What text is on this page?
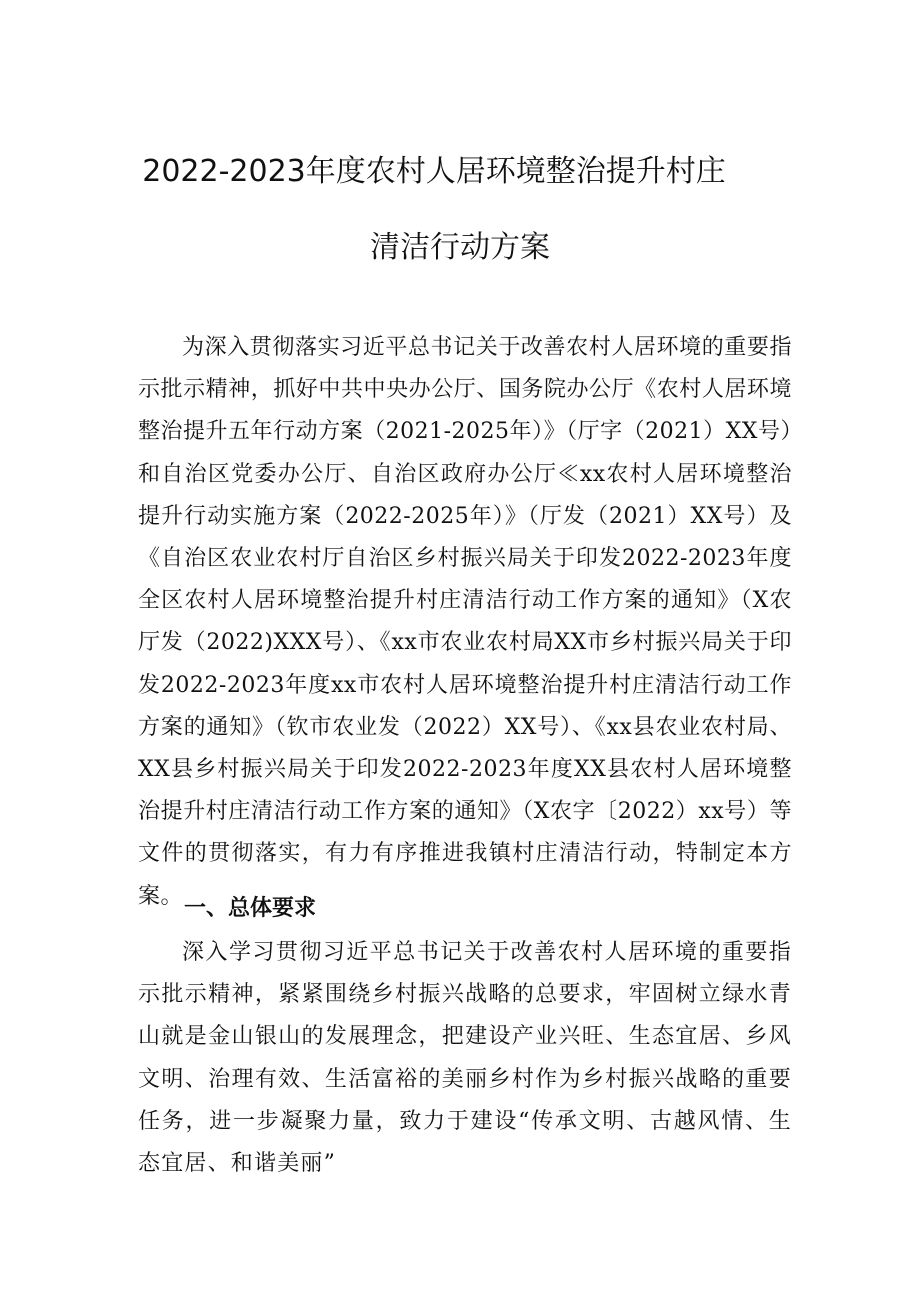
2022-2023年度农村人居环境整治提升村庄
清洁行动方案

为深入贯彻落实习近平总书记关于改善农村人居环境的重要指示批示精神，抓好中共中央办公厅、国务院办公厅《农村人居环境整治提升五年行动方案（2021-2025年）》（厅字（2021）XX号）和自治区党委办公厅、自治区政府办公厅≪xx农村人居环境整治提升行动实施方案（2022-2025年）》（厅发（2021）XX号）及《自治区农业农村厅自治区乡村振兴局关于印发2022-2023年度全区农村人居环境整治提升村庄清洁行动工作方案的通知》（X农厅发（2022)XXX号）、《xx市农业农村局XX市乡村振兴局关于印发2022-2023年度xx市农村人居环境整治提升村庄清洁行动工作方案的通知》（钦市农业发（2022）XX号）、《xx县农业农村局、XX县乡村振兴局关于印发2022-2023年度XX县农村人居环境整治提升村庄清洁行动工作方案的通知》（X农字〔2022）xx号）等文件的贯彻落实，有力有序推进我镇村庄清洁行动，特制定本方案。 一、总体要求

深入学习贯彻习近平总书记关于改善农村人居环境的重要指示批示精神，紧紧围绕乡村振兴战略的总要求，牢固树立绿水青山就是金山银山的发展理念，把建设产业兴旺、生态宜居、乡风文明、治理有效、生活富裕的美丽乡村作为乡村振兴战略的重要任务，进一步凝聚力量，致力于建设“传承文明、古越风情、生态宜居、和谐美丽”
